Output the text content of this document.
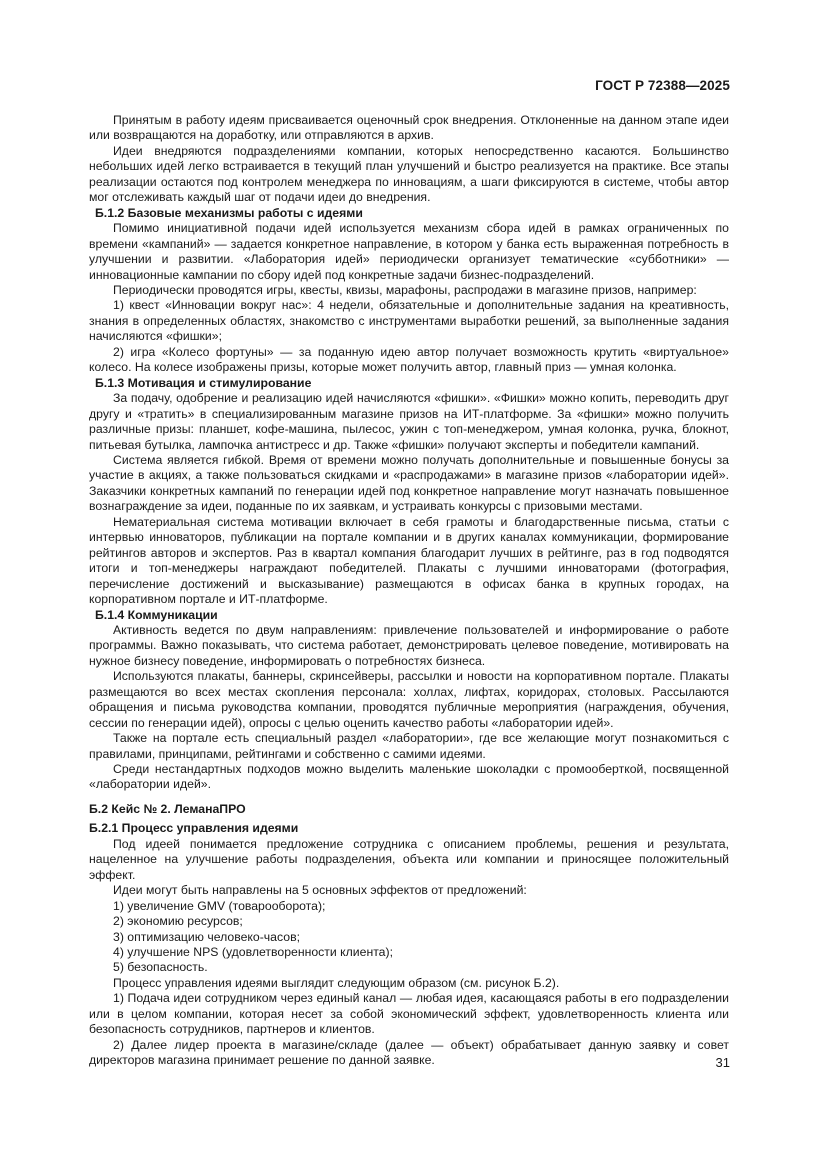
ГОСТ Р 72388—2025

Принятым в работу идеям присваивается оценочный срок внедрения. Отклоненные на данном этапе идеи или возвращаются на доработку, или отправляются в архив.

Идеи внедряются подразделениями компании, которых непосредственно касаются. Большинство небольших идей легко встраивается в текущий план улучшений и быстро реализуется на практике. Все этапы реализации остаются под контролем менеджера по инновациям, а шаги фиксируются в системе, чтобы автор мог отслеживать каждый шаг от подачи идеи до внедрения.

Б.1.2 Базовые механизмы работы с идеями

Помимо инициативной подачи идей используется механизм сбора идей в рамках ограниченных по времени «кампаний» — задается конкретное направление, в котором у банка есть выраженная потребность в улучшении и развитии. «Лаборатория идей» периодически организует тематические «субботники» — инновационные кампании по сбору идей под конкретные задачи бизнес-подразделений.

Периодически проводятся игры, квесты, квизы, марафоны, распродажи в магазине призов, например:

1) квест «Инновации вокруг нас»: 4 недели, обязательные и дополнительные задания на креативность, знания в определенных областях, знакомство с инструментами выработки решений, за выполненные задания начисляются «фишки»;

2) игра «Колесо фортуны» — за поданную идею автор получает возможность крутить «виртуальное» колесо. На колесе изображены призы, которые может получить автор, главный приз — умная колонка.

Б.1.3 Мотивация и стимулирование

За подачу, одобрение и реализацию идей начисляются «фишки». «Фишки» можно копить, переводить друг другу и «тратить» в специализированным магазине призов на ИТ-платформе. За «фишки» можно получить различные призы: планшет, кофе-машина, пылесос, ужин с топ-менеджером, умная колонка, ручка, блокнот, питьевая бутылка, лампочка антистресс и др. Также «фишки» получают эксперты и победители кампаний.

Система является гибкой. Время от времени можно получать дополнительные и повышенные бонусы за участие в акциях, а также пользоваться скидками и «распродажами» в магазине призов «лаборатории идей». Заказчики конкретных кампаний по генерации идей под конкретное направление могут назначать повышенное вознаграждение за идеи, поданные по их заявкам, и устраивать конкурсы с призовыми местами.

Нематериальная система мотивации включает в себя грамоты и благодарственные письма, статьи с интервью инноваторов, публикации на портале компании и в других каналах коммуникации, формирование рейтингов авторов и экспертов. Раз в квартал компания благодарит лучших в рейтинге, раз в год подводятся итоги и топ-менеджеры награждают победителей. Плакаты с лучшими инноваторами (фотография, перечисление достижений и высказывание) размещаются в офисах банка в крупных городах, на корпоративном портале и ИТ-платформе.

Б.1.4 Коммуникации

Активность ведется по двум направлениям: привлечение пользователей и информирование о работе программы. Важно показывать, что система работает, демонстрировать целевое поведение, мотивировать на нужное бизнесу поведение, информировать о потребностях бизнеса.

Используются плакаты, баннеры, скринсейверы, рассылки и новости на корпоративном портале. Плакаты размещаются во всех местах скопления персонала: холлах, лифтах, коридорах, столовых. Рассылаются обращения и письма руководства компании, проводятся публичные мероприятия (награждения, обучения, сессии по генерации идей), опросы с целью оценить качество работы «лаборатории идей».

Также на портале есть специальный раздел «лаборатории», где все желающие могут познакомиться с правилами, принципами, рейтингами и собственно с самими идеями.

Среди нестандартных подходов можно выделить маленькие шоколадки с промооберткой, посвященной «лаборатории идей».

Б.2 Кейс № 2. ЛеманаПРО
Б.2.1 Процесс управления идеями

Под идеей понимается предложение сотрудника с описанием проблемы, решения и результата, нацеленное на улучшение работы подразделения, объекта или компании и приносящее положительный эффект.

Идеи могут быть направлены на 5 основных эффектов от предложений:

1) увеличение GMV (товарооборота);

2) экономию ресурсов;

3) оптимизацию человеко-часов;

4) улучшение NPS (удовлетворенности клиента);

5) безопасность.

Процесс управления идеями выглядит следующим образом (см. рисунок Б.2).

1) Подача идеи сотрудником через единый канал — любая идея, касающаяся работы в его подразделении или в целом компании, которая несет за собой экономический эффект, удовлетворенность клиента или безопасность сотрудников, партнеров и клиентов.

2) Далее лидер проекта в магазине/складе (далее — объект) обрабатывает данную заявку и совет директоров магазина принимает решение по данной заявке.	31
